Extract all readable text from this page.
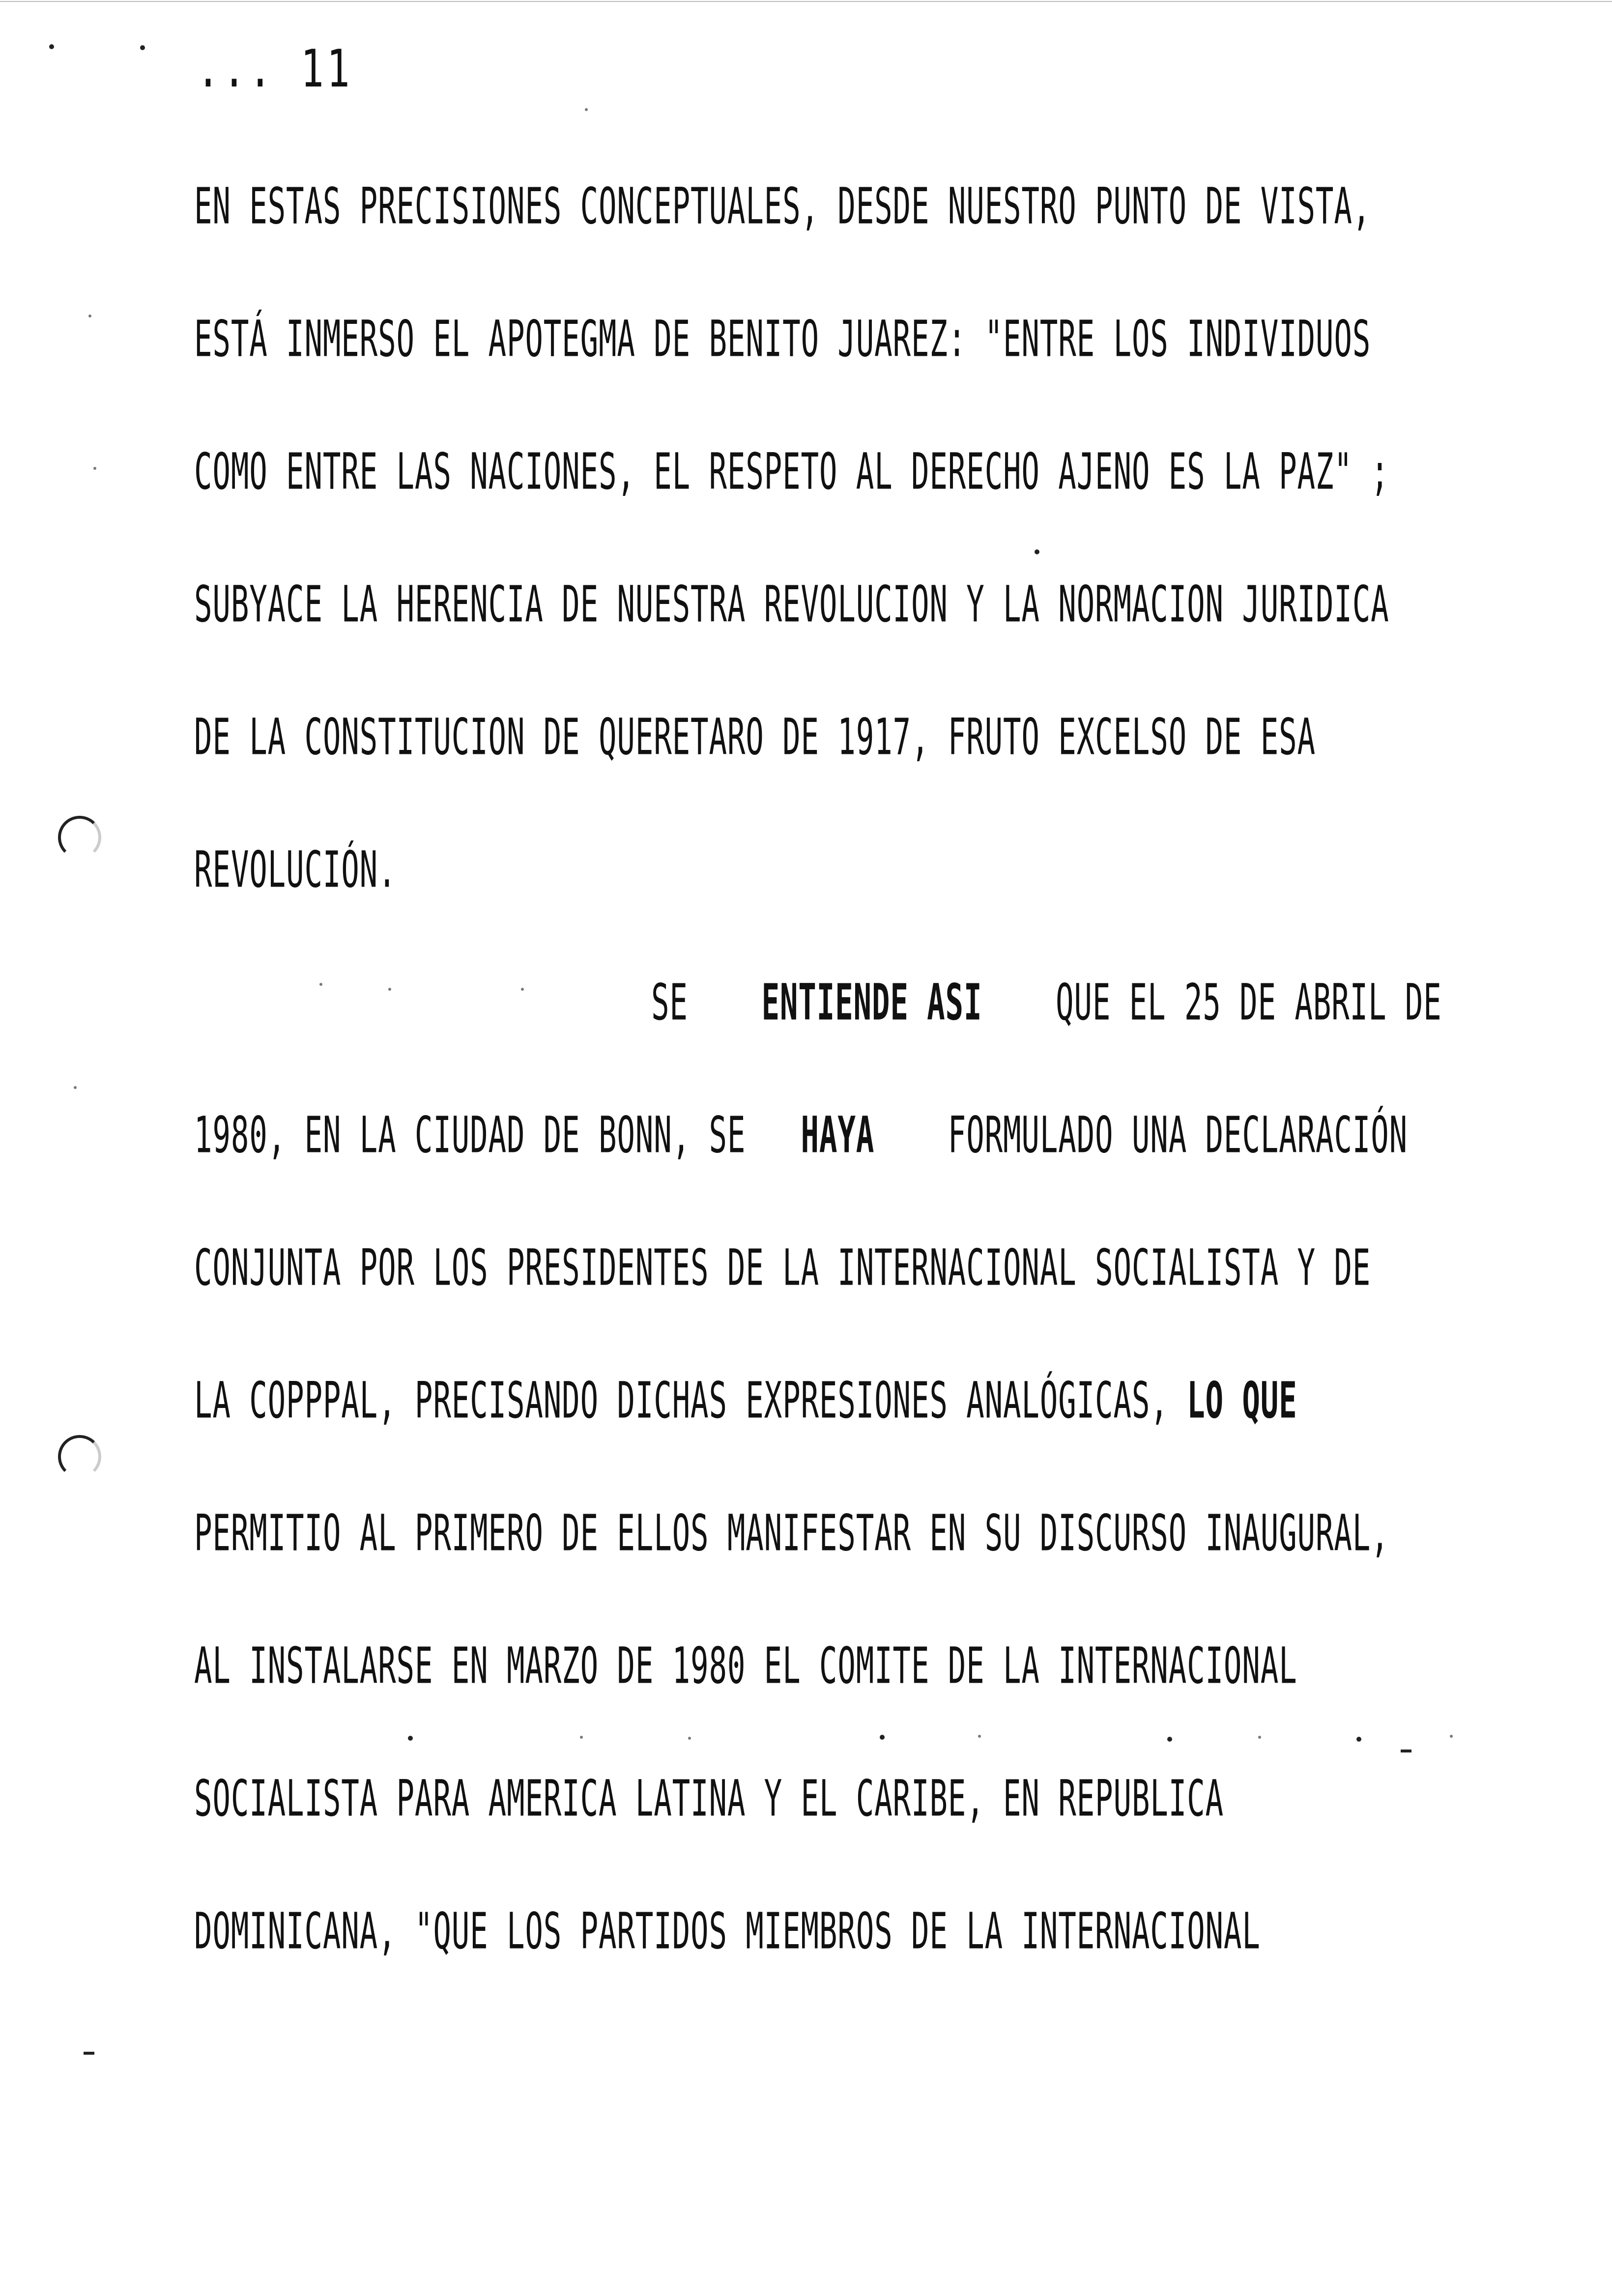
... 11
EN ESTAS PRECISIONES CONCEPTUALES, DESDE NUESTRO PUNTO DE VISTA,
ESTÁ INMERSO EL APOTEGMA DE BENITO JUAREZ: "ENTRE LOS INDIVIDUOS
COMO ENTRE LAS NACIONES, EL RESPETO AL DERECHO AJENO ES LA PAZ" ;
SUBYACE LA HERENCIA DE NUESTRA REVOLUCION Y LA NORMACION JURIDICA
DE LA CONSTITUCION DE QUERETARO DE 1917, FRUTO EXCELSO DE ESA
REVOLUCIÓN.
SE ENTIENDE ASI QUE EL 25 DE ABRIL DE
1980, EN LA CIUDAD DE BONN, SE HAYA FORMULADO UNA DECLARACIÓN
CONJUNTA POR LOS PRESIDENTES DE LA INTERNACIONAL SOCIALISTA Y DE
LA COPPPAL, PRECISANDO DICHAS EXPRESIONES ANALÓGICAS, LO QUE
PERMITIO AL PRIMERO DE ELLOS MANIFESTAR EN SU DISCURSO INAUGURAL,
AL INSTALARSE EN MARZO DE 1980 EL COMITE DE LA INTERNACIONAL
SOCIALISTA PARA AMERICA LATINA Y EL CARIBE, EN REPUBLICA
DOMINICANA, "QUE LOS PARTIDOS MIEMBROS DE LA INTERNACIONAL
